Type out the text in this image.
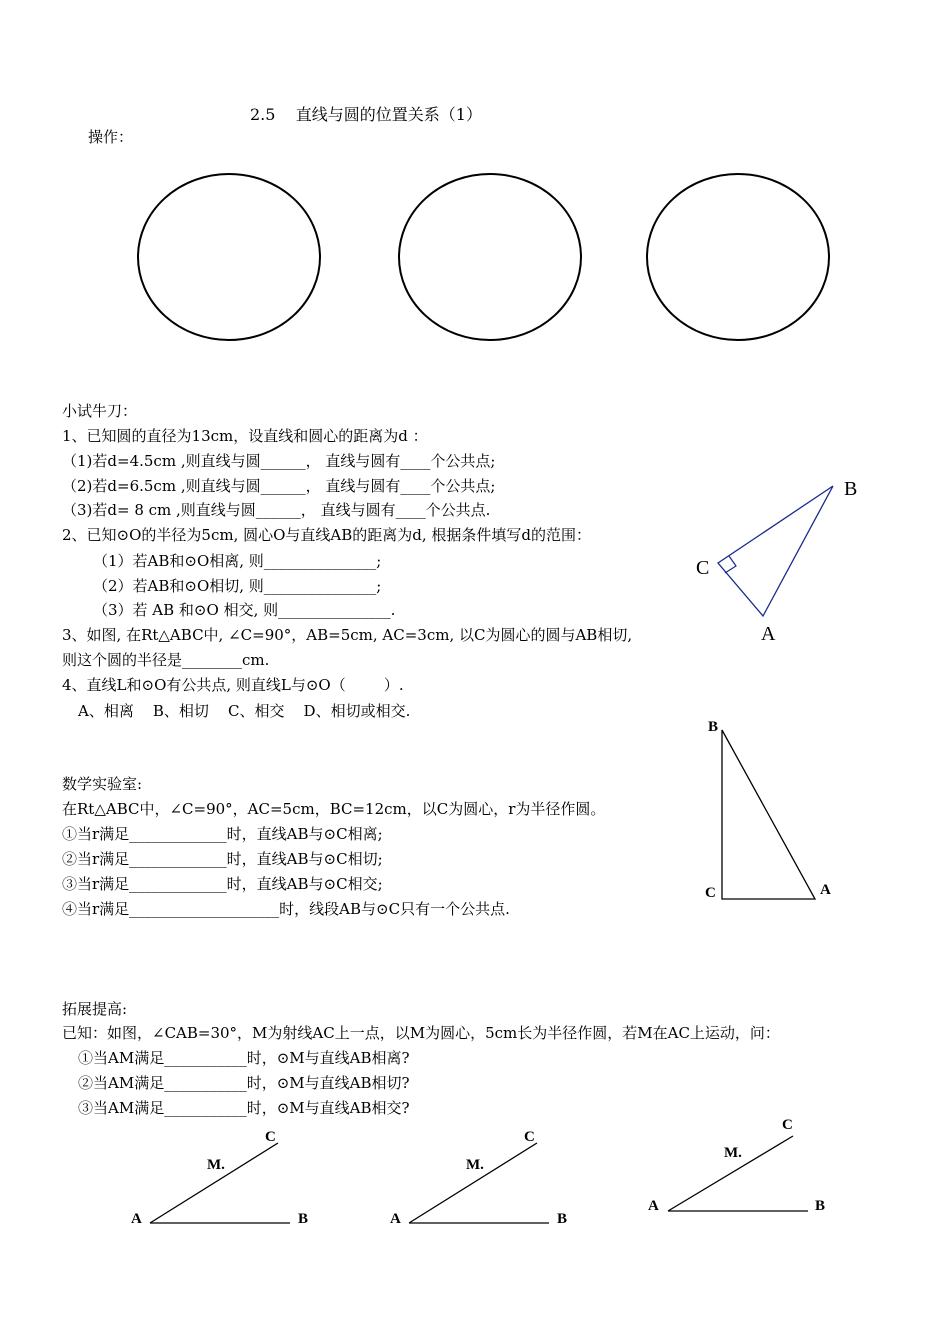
2.5    直线与圆的位置关系（1）
操作：
小试牛刀：
1、已知圆的直径为13cm，设直线和圆心的距离为d ：
（1)若d=4.5cm ,则直线与圆______， 直线与圆有____个公共点;
（2)若d=6.5cm ,则直线与圆______， 直线与圆有____个公共点;
（3)若d= 8 cm ,则直线与圆______， 直线与圆有____个公共点.
2、已知⊙O的半径为5cm, 圆心O与直线AB的距离为d, 根据条件填写d的范围：
（1）若AB和⊙O相离, 则_______________;
（2）若AB和⊙O相切, 则_______________;
（3）若 AB 和⊙O 相交, 则_______________.
3、如图, 在Rt△ABC中, ∠C=90°，AB=5cm, AC=3cm, 以C为圆心的圆与AB相切,
则这个圆的半径是________cm.
4、直线L和⊙O有公共点, 则直线L与⊙O（        ）.
A、相离    B、相切    C、相交    D、相切或相交.
B
C
A
B
C	A
数学实验室:
在Rt△ABC中，∠C=90°，AC=5cm，BC=12cm，以C为圆心，r为半径作圆。
①当r满足_____________时，直线AB与⊙C相离;
②当r满足_____________时，直线AB与⊙C相切;
③当r满足_____________时，直线AB与⊙C相交;
④当r满足____________________时，线段AB与⊙C只有一个公共点.
拓展提高:
已知：如图，∠CAB=30°，M为射线AC上一点，以M为圆心，5cm长为半径作圆，若M在AC上运动，问：
①当AM满足___________时，⊙M与直线AB相离?
②当AM满足___________时，⊙M与直线AB相切?
③当AM满足___________时，⊙M与直线AB相交?
C
M.
A	B
C
M.
A	B
C
M.
A	B
